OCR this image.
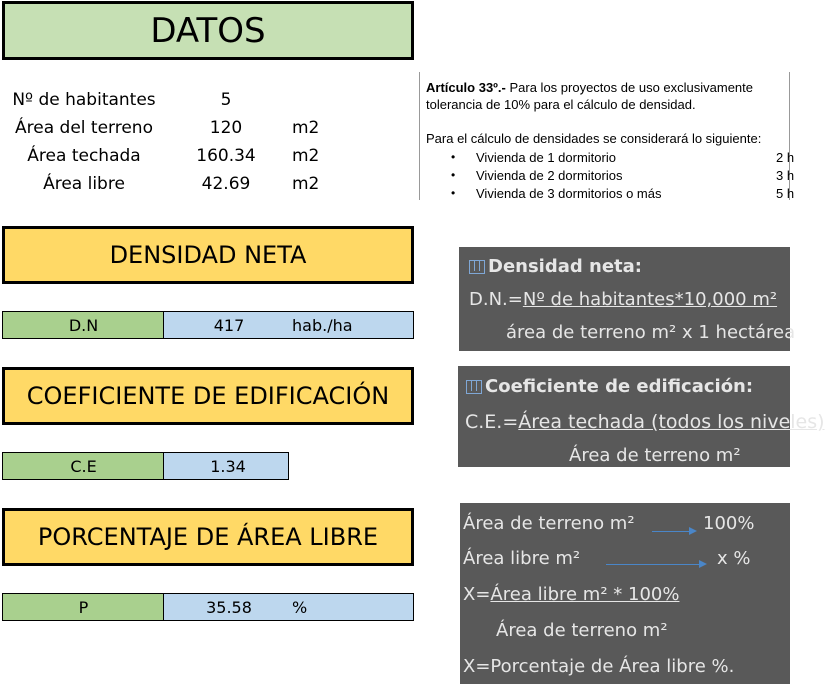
DATOS
Nº de habitantes	5
Área del terreno	120	m2
Área techada	160.34	m2
Área libre	42.69	m2
Artículo 33º.- Para los proyectos de uso exclusivamente
tolerancia de 10% para el cálculo de densidad.
Para el cálculo de densidades se considerará lo siguiente:
• Vivienda de 1 dormitorio	2 h
• Vivienda de 2 dormitorios	3 h
• Vivienda de 3 dormitorios o más	5 h
DENSIDAD NETA
D.N	417	hab./ha
Densidad neta:
D.N.=Nº de habitantes*10,000 m²
área de terreno m² x 1 hectárea
COEFICIENTE DE EDIFICACIÓN
C.E	1.34
Coeficiente de edificación:
C.E.=Área techada (todos los niveles)
Área de terreno m²
PORCENTAJE DE ÁREA LIBRE
P	35.58	%
Área de terreno m²	100%
Área libre m²	x %
X=Área libre m² * 100%
Área de terreno m²
X=Porcentaje de Área libre %.
